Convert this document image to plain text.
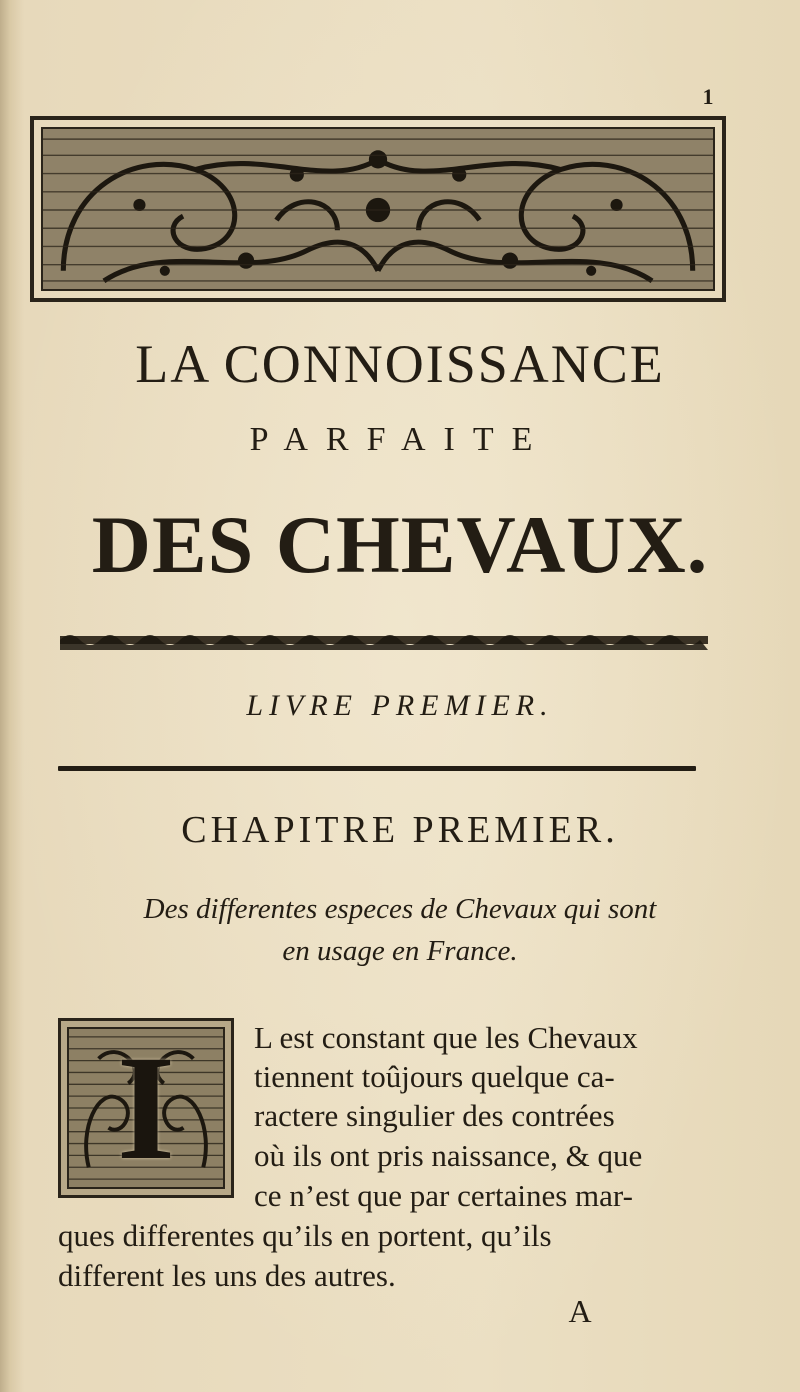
1
LA CONNOISSANCE
PARFAITE
DES CHEVAUX.
LIVRE PREMIER.
CHAPITRE PREMIER.
Des differentes especes de Chevaux qui sont
en usage en France.
I	L est constant que les Chevaux
tiennent toûjours quelque ca-
ractere singulier des contrées
où ils ont pris naissance, & que
ce n’est que par certaines mar-
ques differentes qu’ils en portent, qu’ils
different les uns des autres.
A
